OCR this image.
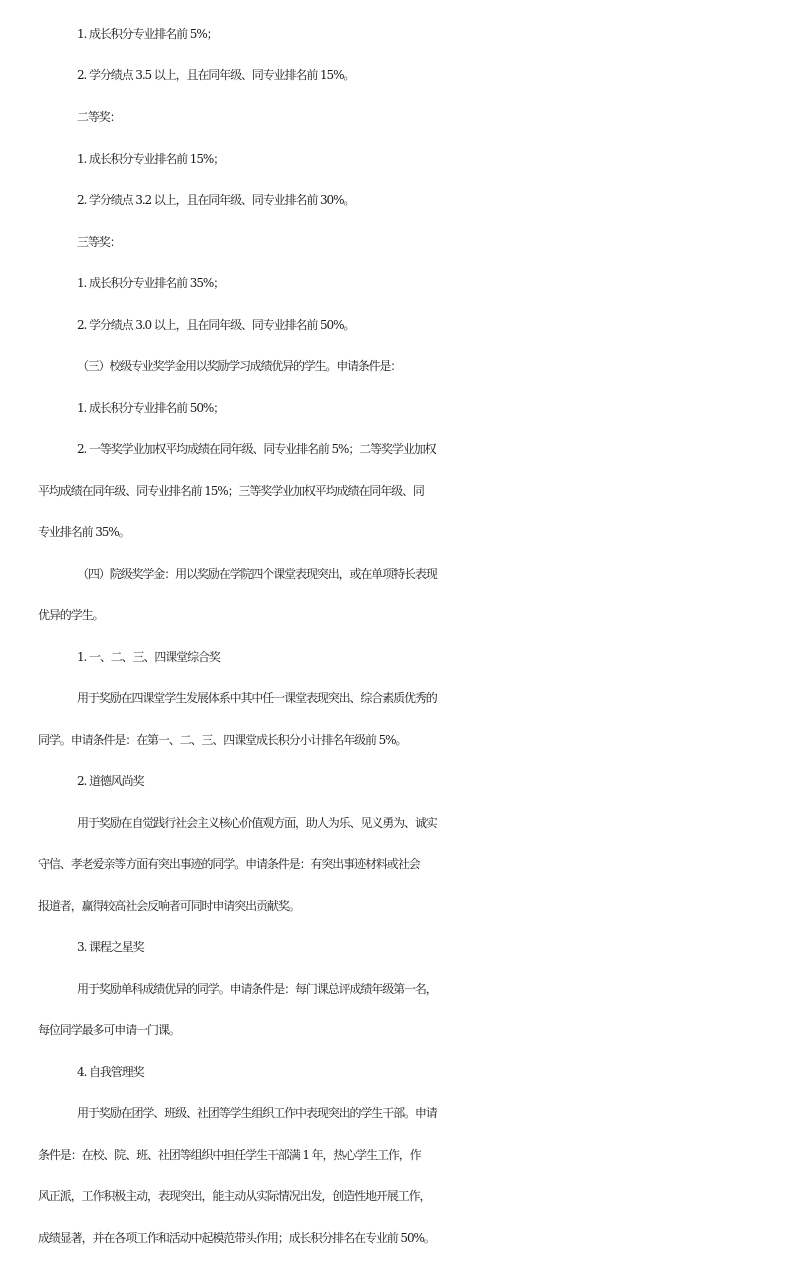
1. 成长积分专业排名前 5%；
2. 学分绩点 3.5 以上，且在同年级、同专业排名前 15%。
二等奖：
1. 成长积分专业排名前 15%；
2. 学分绩点 3.2 以上，且在同年级、同专业排名前 30%。
三等奖：
1. 成长积分专业排名前 35%；
2. 学分绩点 3.0 以上，且在同年级、同专业排名前 50%。
（三）校级专业奖学金用以奖励学习成绩优异的学生。申请条件是：
1. 成长积分专业排名前 50%；
2. 一等奖学业加权平均成绩在同年级、同专业排名前 5%；二等奖学业加权
平均成绩在同年级、同专业排名前 15%；三等奖学业加权平均成绩在同年级、同
专业排名前 35%。
（四）院级奖学金：用以奖励在学院四个课堂表现突出，或在单项特长表现
优异的学生。
1. 一、二、三、四课堂综合奖
用于奖励在四课堂学生发展体系中其中任一课堂表现突出、综合素质优秀的
同学。申请条件是：在第一、二、三、四课堂成长积分小计排名年级前 5%。
2. 道德风尚奖
用于奖励在自觉践行社会主义核心价值观方面，助人为乐、见义勇为、诚实
守信、孝老爱亲等方面有突出事迹的同学。申请条件是：有突出事迹材料或社会
报道者，赢得较高社会反响者可同时申请突出贡献奖。
3. 课程之星奖
用于奖励单科成绩优异的同学。申请条件是：每门课总评成绩年级第一名，
每位同学最多可申请一门课。
4. 自我管理奖
用于奖励在团学、班级、社团等学生组织工作中表现突出的学生干部。申请
条件是：在校、院、班、社团等组织中担任学生干部满 1 年，热心学生工作，作
风正派，工作积极主动，表现突出，能主动从实际情况出发，创造性地开展工作，
成绩显著，并在各项工作和活动中起模范带头作用；成长积分排名在专业前 50%。
